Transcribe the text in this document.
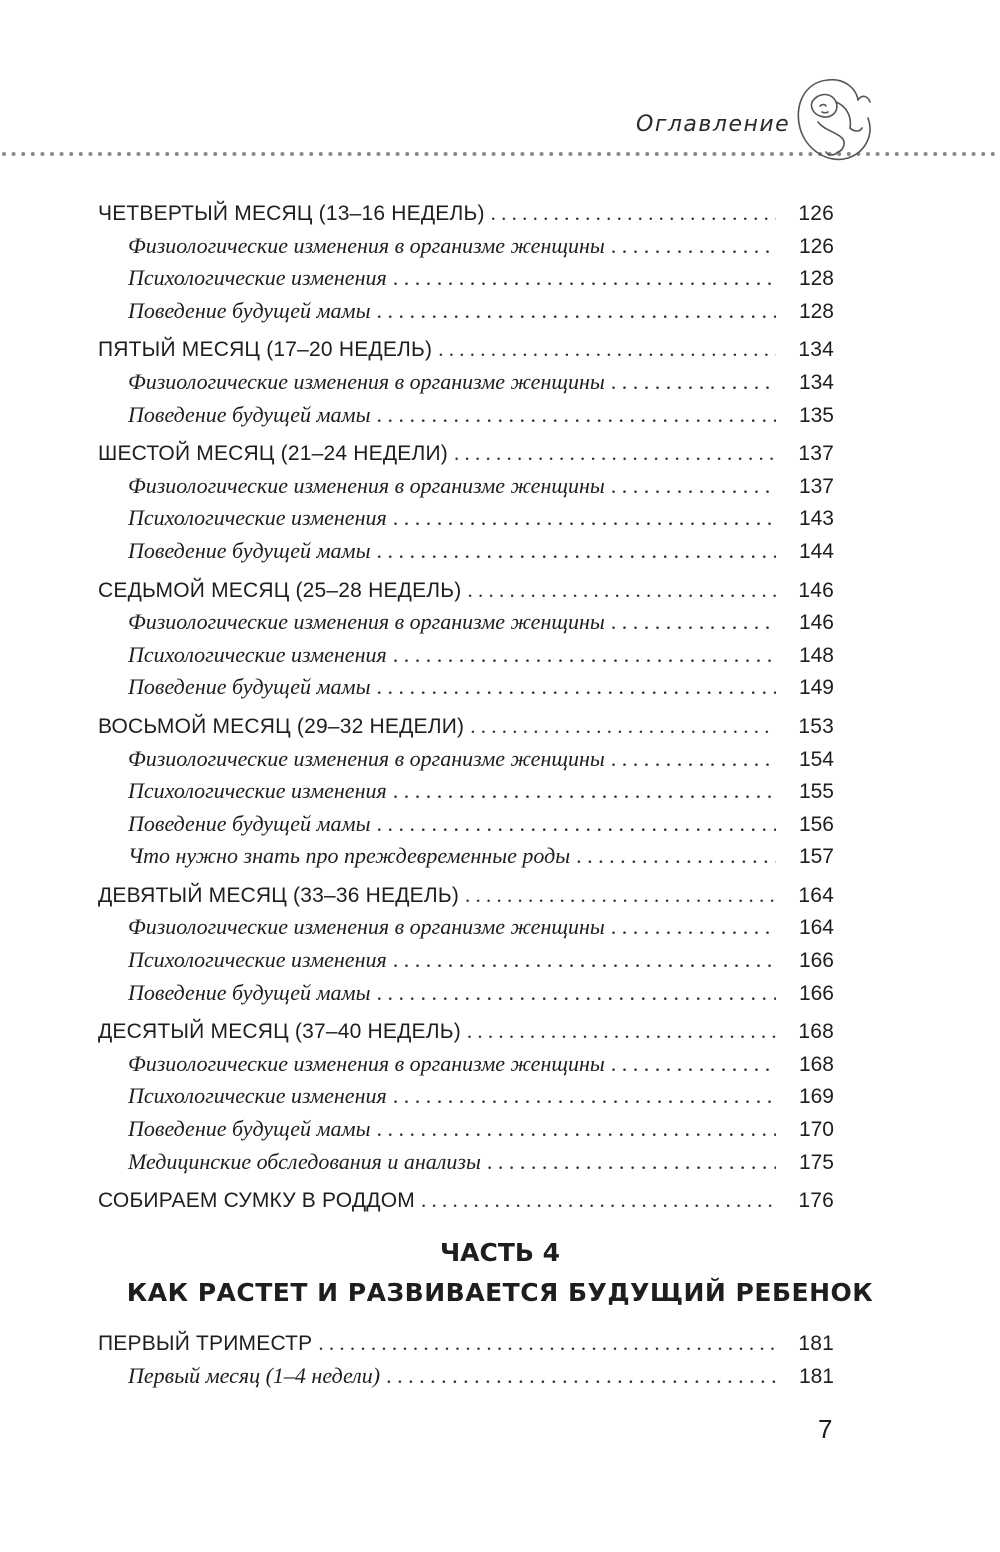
Оглавление
ЧЕТВЕРТЫЙ МЕСЯЦ (13–16 НЕДЕЛЬ) . . .	126
Физиологические изменения в организме женщины . . .	126
Психологические изменения . . .	128
Поведение будущей мамы . . .	128
ПЯТЫЙ МЕСЯЦ (17–20 НЕДЕЛЬ) . . .	134
Физиологические изменения в организме женщины . . .	134
Поведение будущей мамы . . .	135
ШЕСТОЙ МЕСЯЦ (21–24 НЕДЕЛИ) . . .	137
Физиологические изменения в организме женщины . . .	137
Психологические изменения . . .	143
Поведение будущей мамы . . .	144
СЕДЬМОЙ МЕСЯЦ (25–28 НЕДЕЛЬ) . . .	146
Физиологические изменения в организме женщины . . .	146
Психологические изменения . . .	148
Поведение будущей мамы . . .	149
ВОСЬМОЙ МЕСЯЦ (29–32 НЕДЕЛИ) . . .	153
Физиологические изменения в организме женщины . . .	154
Психологические изменения . . .	155
Поведение будущей мамы . . .	156
Что нужно знать про преждевременные роды . . .	157
ДЕВЯТЫЙ МЕСЯЦ (33–36 НЕДЕЛЬ) . . .	164
Физиологические изменения в организме женщины . . .	164
Психологические изменения . . .	166
Поведение будущей мамы . . .	166
ДЕСЯТЫЙ МЕСЯЦ (37–40 НЕДЕЛЬ) . . .	168
Физиологические изменения в организме женщины . . .	168
Психологические изменения . . .	169
Поведение будущей мамы . . .	170
Медицинские обследования и анализы . . .	175
СОБИРАЕМ СУМКУ В РОДДОМ . . .	176
ЧАСТЬ 4
КАК РАСТЕТ И РАЗВИВАЕТСЯ БУДУЩИЙ РЕБЕНОК
ПЕРВЫЙ ТРИМЕСТР . . .	181
Первый месяц (1–4 недели) . . .	181
7
